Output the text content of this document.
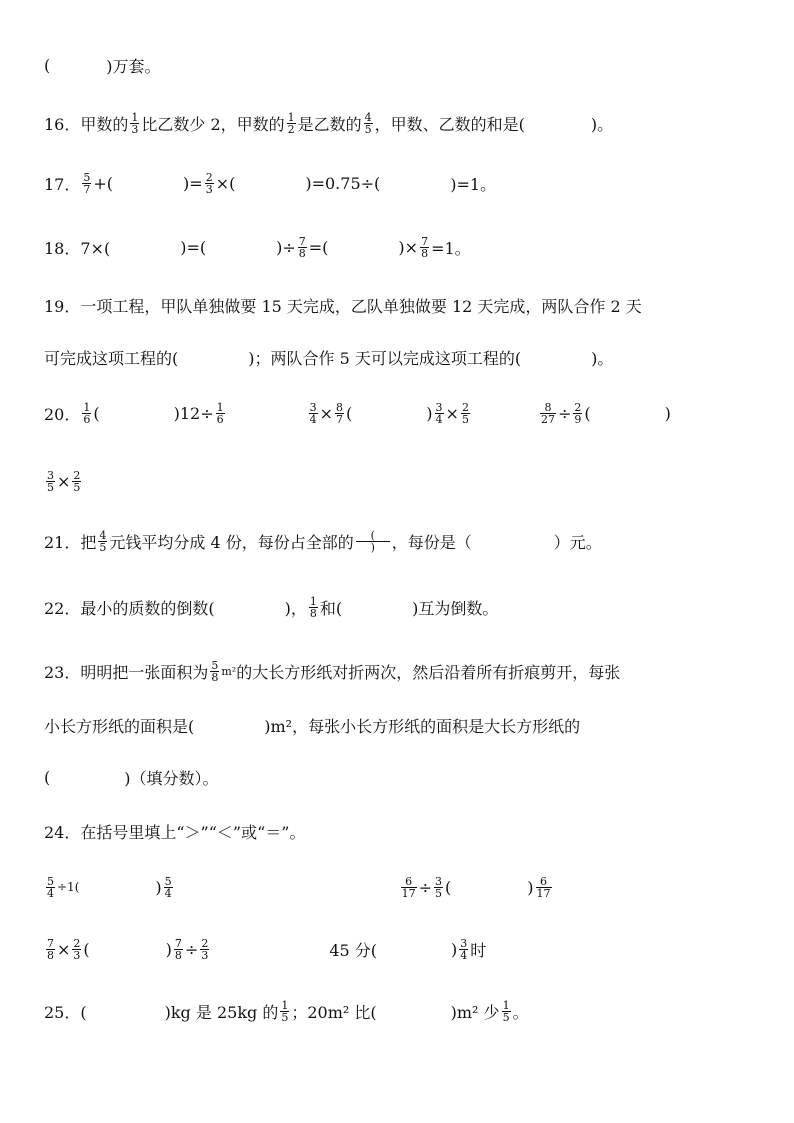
(	)万套。
16．甲数的 $\frac{1}{3}$ 比乙数少 2，甲数的 $\frac{1}{2}$ 是乙数的 $\frac{4}{5}$ ，甲数、乙数的和是(	)。
17． $\frac{5}{7}$ +(	)= $\frac{2}{3}$ ×(	)=0.75÷(	)=1。
18．7×(	)=(	)÷ $\frac{7}{8}$ =(	)× $\frac{7}{8} =1$。
19．一项工程，甲队单独做要 15 天完成，乙队单独做要 12 天完成，两队合作 2 天
可完成这项工程的(	)；两队合作 5 天可以完成这项工程的(	)。
20． $\frac{1}{6}$ (	)$12\div \frac{1}{6}$	$\frac{3}{4} \times \frac{8}{7}$ (	) $\frac{3}{4} \times \frac{2}{5}$	$\frac{8}{27} \div \frac{2}{9}$ (	)
$\frac{3}{5} \times \frac{2}{5}$
21．把 $\frac{4}{5}$ 元钱平均分成 4 份，每份占全部的 $\frac{(}{)}$ ，每份是（	）元。
22．最小的质数的倒数(	)， $\frac{1}{8}$ 和(	)互为倒数。
23．明明把一张面积为 $\frac{5}{8} m^2$ 的大长方形纸对折两次，然后沿着所有折痕剪开，每张
小长方形纸的面积是(	)m²，每张小长方形纸的面积是大长方形纸的
(	)（填分数）。
24．在括号里填上“＞”“＜”或“＝”。
$\frac{5}{4} \div 1$(	) $\frac{5}{4}$	$\frac{6}{17} \div \frac{3}{5}$ (	) $\frac{6}{17}$
$\frac{7}{8} \times \frac{2}{3}$ (	) $\frac{7}{8} \div \frac{2}{3}$	45 分(	) $\frac{3}{4}$ 时
25．(	)kg 是 25kg 的 $\frac{1}{5}$ ；20m² 比(	)m² 少 $\frac{1}{5}$ 。
